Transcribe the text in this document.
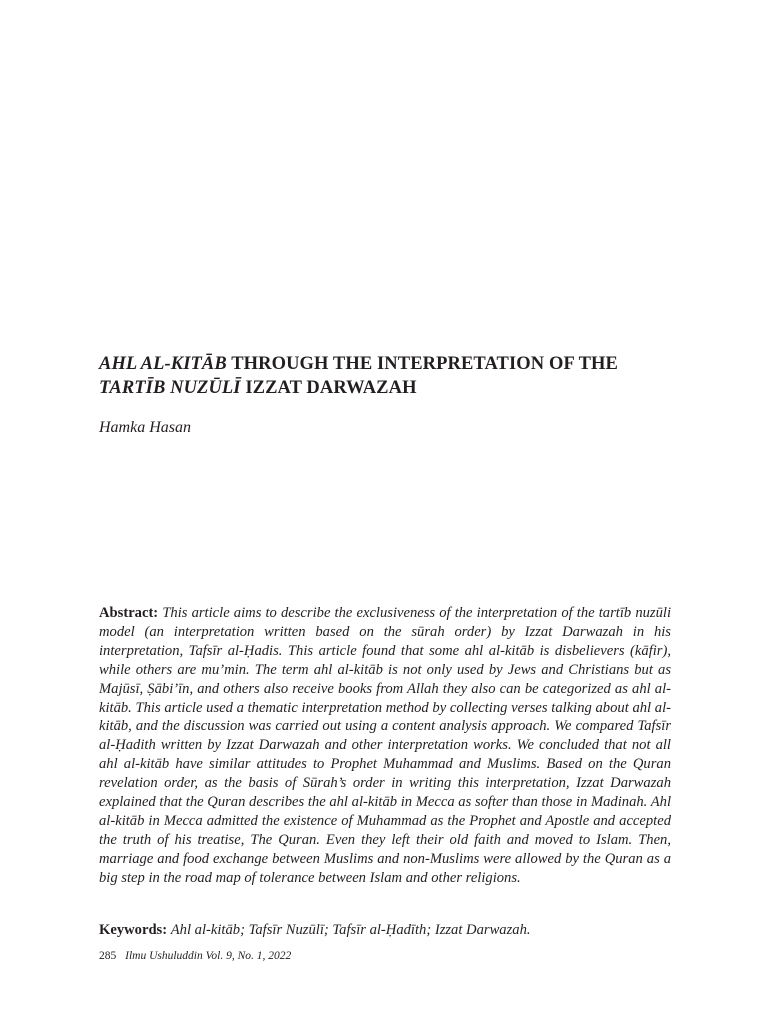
AHL AL-KITĀB THROUGH THE INTERPRETATION OF THE
TARTĪB NUZŪLĪ IZZAT DARWAZAH
Hamka Hasan
Abstract: This article aims to describe the exclusiveness of the interpretation of the tartīb nuzūli model (an interpretation written based on the sūrah order) by Izzat Darwazah in his interpretation, Tafsīr al-Ḥadis. This article found that some ahl al-kitāb is disbelievers (kāfir), while others are mu’min. The term ahl al-kitāb is not only used by Jews and Christians but as Majūsī, Ṣābi’īn, and others also receive books from Allah they also can be categorized as ahl al-kitāb. This article used a thematic interpretation method by collecting verses talking about ahl al-kitāb, and the discussion was carried out using a content analysis approach. We compared Tafsīr al-Ḥadith written by Izzat Darwazah and other interpretation works. We concluded that not all ahl al-kitāb have similar attitudes to Prophet Muhammad and Muslims. Based on the Quran revelation order, as the basis of Sūrah’s order in writing this interpretation, Izzat Darwazah explained that the Quran describes the ahl al-kitāb in Mecca as softer than those in Madinah. Ahl al-kitāb in Mecca admitted the existence of Muhammad as the Prophet and Apostle and accepted the truth of his treatise, The Quran. Even they left their old faith and moved to Islam. Then, marriage and food exchange between Muslims and non-Muslims were allowed by the Quran as a big step in the road map of tolerance between Islam and other religions.
Keywords: Ahl al-kitāb; Tafsīr Nuzūlī; Tafsīr al-Ḥadīth; Izzat Darwazah.
285 Ilmu Ushuluddin Vol. 9, No. 1, 2022
